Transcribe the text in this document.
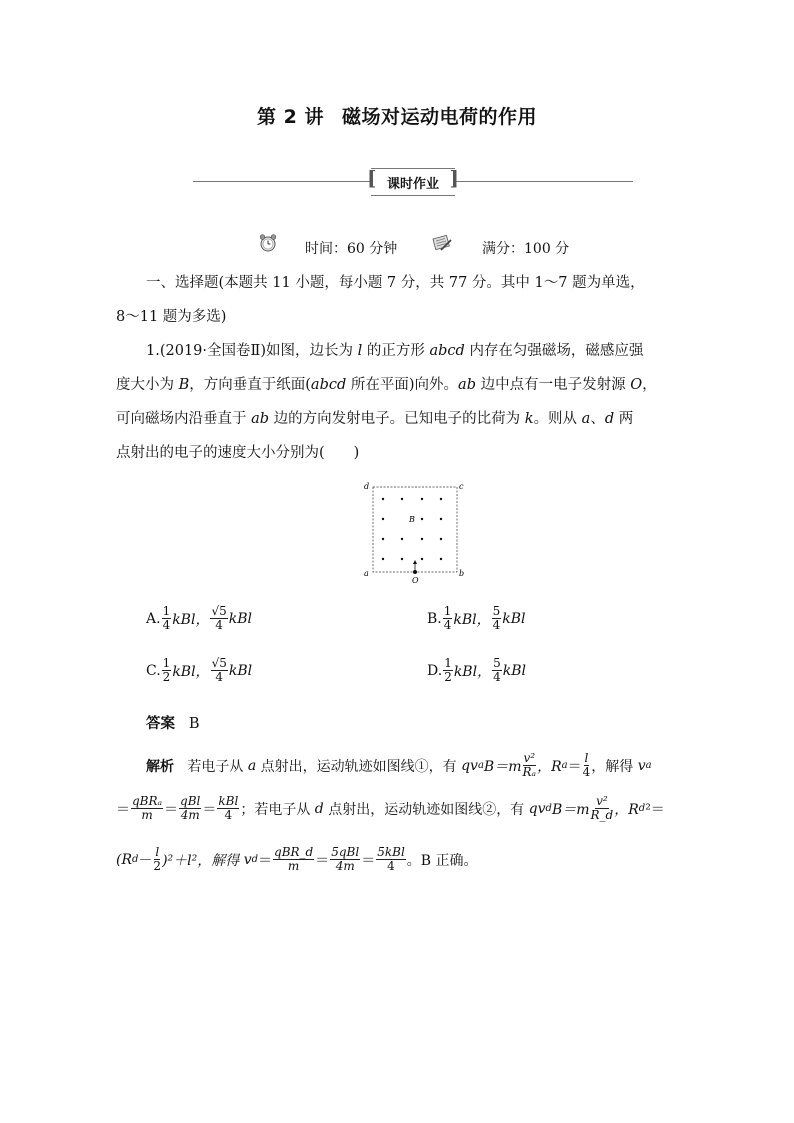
第 2 讲 磁场对运动电荷的作用
[ 课时作业 ]
时间：60 分钟	满分：100 分
一、选择题(本题共 11 小题，每小题 7 分，共 77 分。其中 1～7 题为单选，
8～11 题为多选)
1.(2019·全国卷Ⅱ)如图，边长为 l 的正方形 abcd 内存在匀强磁场，磁感应强
度大小为 B，方向垂直于纸面(abcd 所在平面)向外。ab 边中点有一电子发射源 O，
可向磁场内沿垂直于 ab 边的方向发射电子。已知电子的比荷为 k。则从 a、d 两
点射出的电子的速度大小分别为(　　)
d	c
a	b
B
O
A. $\frac{1}{4}$ kBl， $\frac{√5}{4}$ kBl	B. $\frac{1}{4}$ kBl， $\frac{5}{4}$ kBl
C. $\frac{1}{2}$ kBl， $\frac{√5}{4}$ kBl	D. $\frac{1}{2}$ kBl， $\frac{5}{4}$ kBl
答案 B
解析
若电子从
a
点射出，运动轨迹如图线①，有
qv a $B=m \frac{\text{v²}}{\text{Rₐ}}$ ，R $a = \frac{l}{4}$ ，解得
v a
＝ $\frac{\text{qBRₐ}}{m} = \frac{\text{qBl}}{4m} = \frac{\text{kBl}}{4}$ ；若电子从
d
点射出，运动轨迹如图线②，有
qv d $B=m \frac{\text{v²}}{R\_d}$ ，R d ²＝
(R $d - \frac{l}{2} )^2+l^2$，解得
v $d = \frac{\text{qBR\_d}}{m} = \frac{\text{5qBl}}{4m} = \frac{\text{5kBl}}{4}$ 。B 正确。
